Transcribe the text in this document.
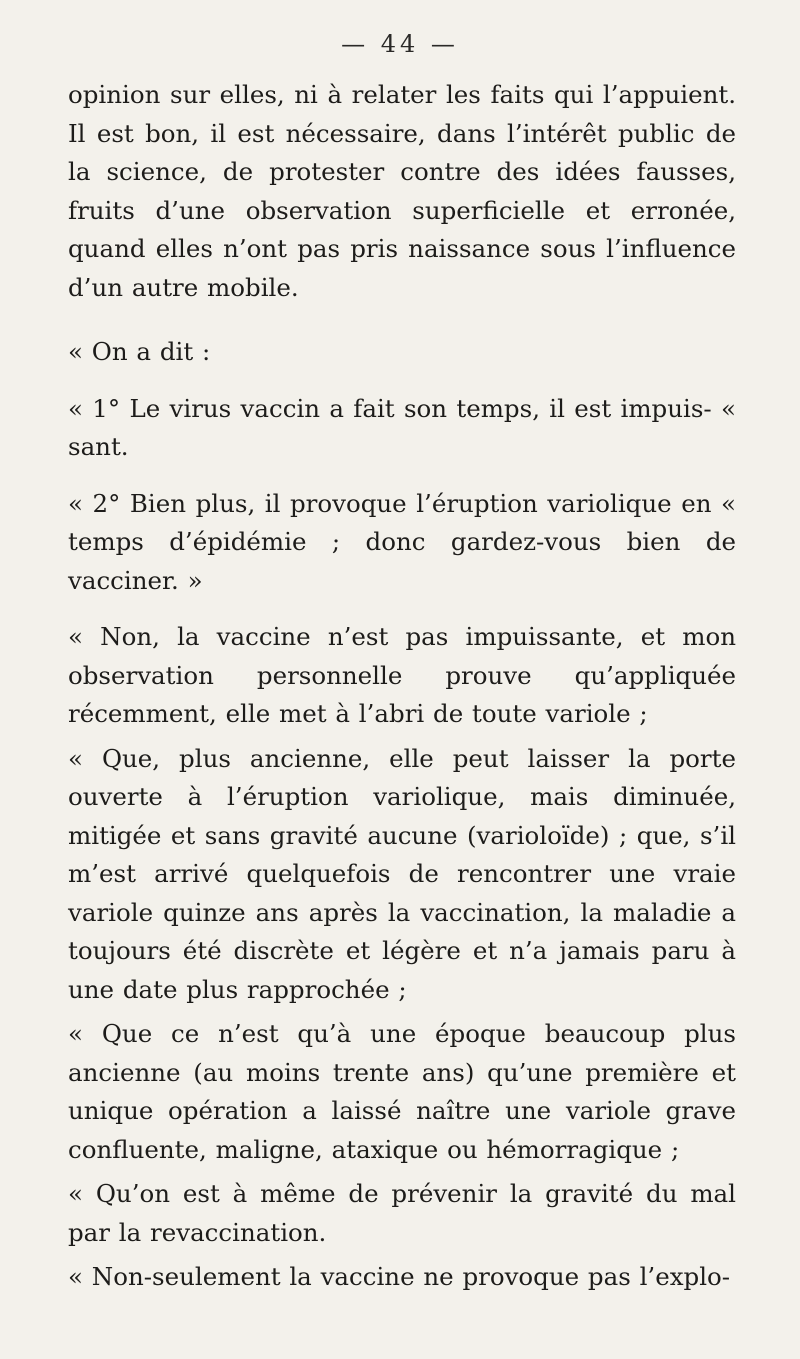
— 44 —

opinion sur elles, ni à relater les faits qui l’appuient. Il est bon, il est nécessaire, dans l’intérêt public de la science, de protester contre des idées fausses, fruits d’une observation superficielle et erronée, quand elles n’ont pas pris naissance sous l’influence d’un autre mobile.

« On a dit :

« 1° Le virus vaccin a fait son temps, il est impuis- « sant.

« 2° Bien plus, il provoque l’éruption variolique en « temps d’épidémie ; donc gardez-vous bien de vacciner. »

« Non, la vaccine n’est pas impuissante, et mon observation personnelle prouve qu’appliquée récemment, elle met à l’abri de toute variole ;

« Que, plus ancienne, elle peut laisser la porte ouverte à l’éruption variolique, mais diminuée, mitigée et sans gravité aucune (varioloïde) ; que, s’il m’est arrivé quelquefois de rencontrer une vraie variole quinze ans après la vaccination, la maladie a toujours été discrète et légère et n’a jamais paru à une date plus rapprochée ;

« Que ce n’est qu’à une époque beaucoup plus ancienne (au moins trente ans) qu’une première et unique opération a laissé naître une variole grave confluente, maligne, ataxique ou hémorragique ;

« Qu’on est à même de prévenir la gravité du mal par la revaccination.

« Non-seulement la vaccine ne provoque pas l’explo-
